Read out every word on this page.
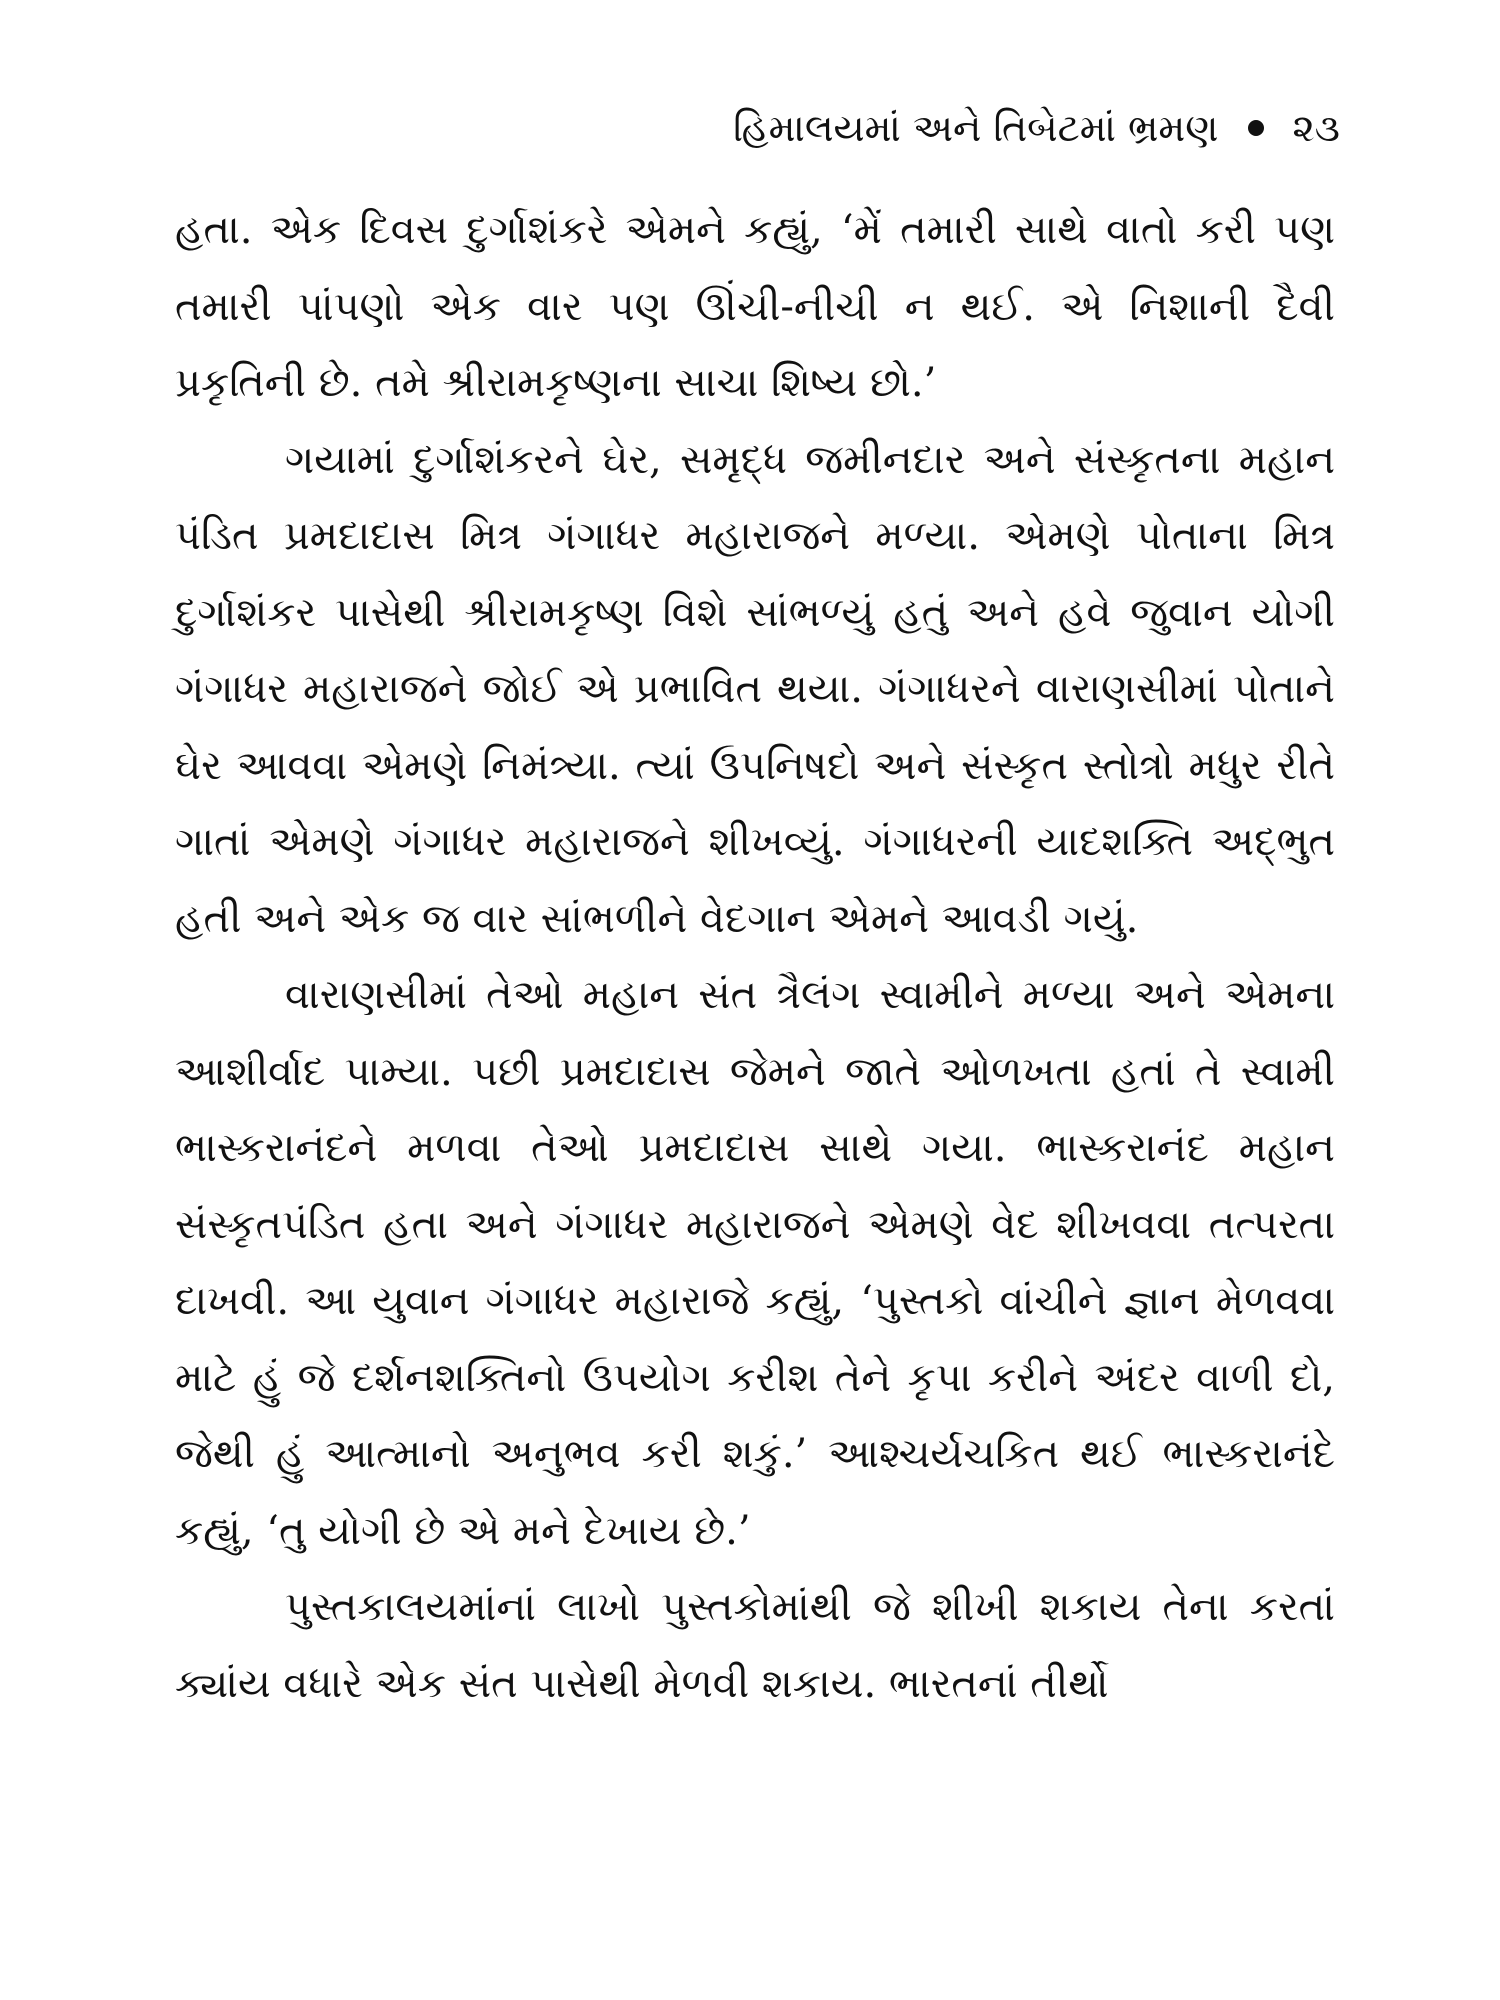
હિમાલયમાં અને તિબેટમાં ભ્રમણ ૨૩

હતા. એક દિવસ દુર્ગાશંકરે એમને કહ્યું, ‘મેં તમારી સાથે વાતો કરી પણ તમારી પાંપણો એક વાર પણ ઊંચી-નીચી ન થઈ. એ નિશાની દૈવી પ્રકૃતિની છે. તમે શ્રીરામકૃષ્ણના સાચા શિષ્ય છો.’

ગયામાં દુર્ગાશંકરને ઘેર, સમૃદ્ધ જમીનદાર અને સંસ્કૃતના મહાન પંડિત પ્રમદાદાસ મિત્ર ગંગાધર મહારાજને મળ્યા. એમણે પોતાના મિત્ર દુર્ગાશંકર પાસેથી શ્રીરામકૃષ્ણ વિશે સાંભળ્યું હતું અને હવે જુવાન યોગી ગંગાધર મહારાજને જોઈ એ પ્રભાવિત થયા. ગંગાધરને વારાણસીમાં પોતાને ઘેર આવવા એમણે નિમંત્ર્યા. ત્યાં ઉપનિષદો અને સંસ્કૃત સ્તોત્રો મધુર રીતે ગાતાં એમણે ગંગાધર મહારાજને શીખવ્યું. ગંગાધરની યાદશક્તિ અદ્ભુત હતી અને એક જ વાર સાંભળીને વેદગાન એમને આવડી ગયું.

વારાણસીમાં તેઓ મહાન સંત ત્રૈલંગ સ્વામીને મળ્યા અને એમના આશીર્વાદ પામ્યા. પછી પ્રમદાદાસ જેમને જાતે ઓળખતા હતાં તે સ્વામી ભાસ્કરાનંદને મળવા તેઓ પ્રમદાદાસ સાથે ગયા. ભાસ્કરાનંદ મહાન સંસ્કૃતપંડિત હતા અને ગંગાધર મહારાજને એમણે વેદ શીખવવા તત્પરતા દાખવી. આ યુવાન ગંગાધર મહારાજે કહ્યું, ‘પુસ્તકો વાંચીને જ્ઞાન મેળવવા માટે હું જે દર્શનશક્તિનો ઉપયોગ કરીશ તેને કૃપા કરીને અંદર વાળી દો, જેથી હું આત્માનો અનુભવ કરી શકું.’ આશ્ચર્યચકિત થઈ ભાસ્કરાનંદે કહ્યું, ‘તુ યોગી છે એ મને દેખાય છે.’

પુસ્તકાલયમાંનાં લાખો પુસ્તકોમાંથી જે શીખી શકાય તેના કરતાં ક્યાંય વધારે એક સંત પાસેથી મેળવી શકાય. ભારતનાં તીર્થો
